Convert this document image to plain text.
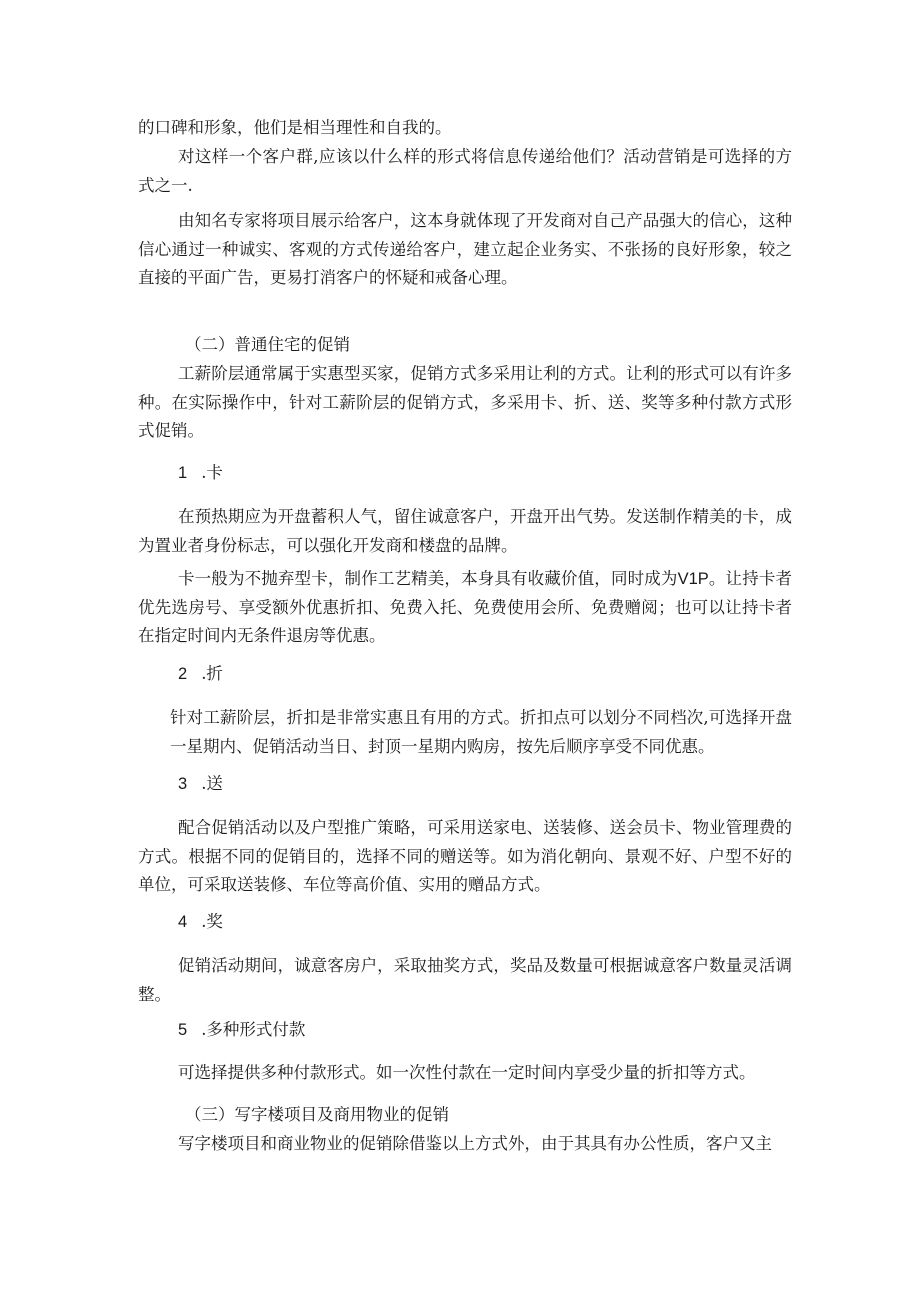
的口碑和形象，他们是相当理性和自我的。

对这样一个客户群,应该以什么样的形式将信息传递给他们？活动营销是可选择的方式之一.

由知名专家将项目展示给客户，这本身就体现了开发商对自己产品强大的信心，这种信心通过一种诚实、客观的方式传递给客户，建立起企业务实、不张扬的良好形象，较之直接的平面广告，更易打消客户的怀疑和戒备心理。

（二）普通住宅的促销

工薪阶层通常属于实惠型买家，促销方式多采用让利的方式。让利的形式可以有许多种。在实际操作中，针对工薪阶层的促销方式，多采用卡、折、送、奖等多种付款方式形式促销。

1 .卡

在预热期应为开盘蓄积人气，留住诚意客户，开盘开出气势。发送制作精美的卡，成为置业者身份标志，可以强化开发商和楼盘的品牌。

卡一般为不抛弃型卡，制作工艺精美，本身具有收藏价值，同时成为V1P。让持卡者优先选房号、享受额外优惠折扣、免费入托、免费使用会所、免费赠阅；也可以让持卡者在指定时间内无条件退房等优惠。

2 .折

针对工薪阶层，折扣是非常实惠且有用的方式。折扣点可以划分不同档次,可选择开盘一星期内、促销活动当日、封顶一星期内购房，按先后顺序享受不同优惠。

3 .送

配合促销活动以及户型推广策略，可采用送家电、送装修、送会员卡、物业管理费的方式。根据不同的促销目的，选择不同的赠送等。如为消化朝向、景观不好、户型不好的单位，可采取送装修、车位等高价值、实用的赠品方式。

4 .奖

促销活动期间，诚意客房户，采取抽奖方式，奖品及数量可根据诚意客户数量灵活调整。

5 .多种形式付款

可选择提供多种付款形式。如一次性付款在一定时间内享受少量的折扣等方式。

（三）写字楼项目及商用物业的促销

写字楼项目和商业物业的促销除借鉴以上方式外，由于其具有办公性质，客户又主
